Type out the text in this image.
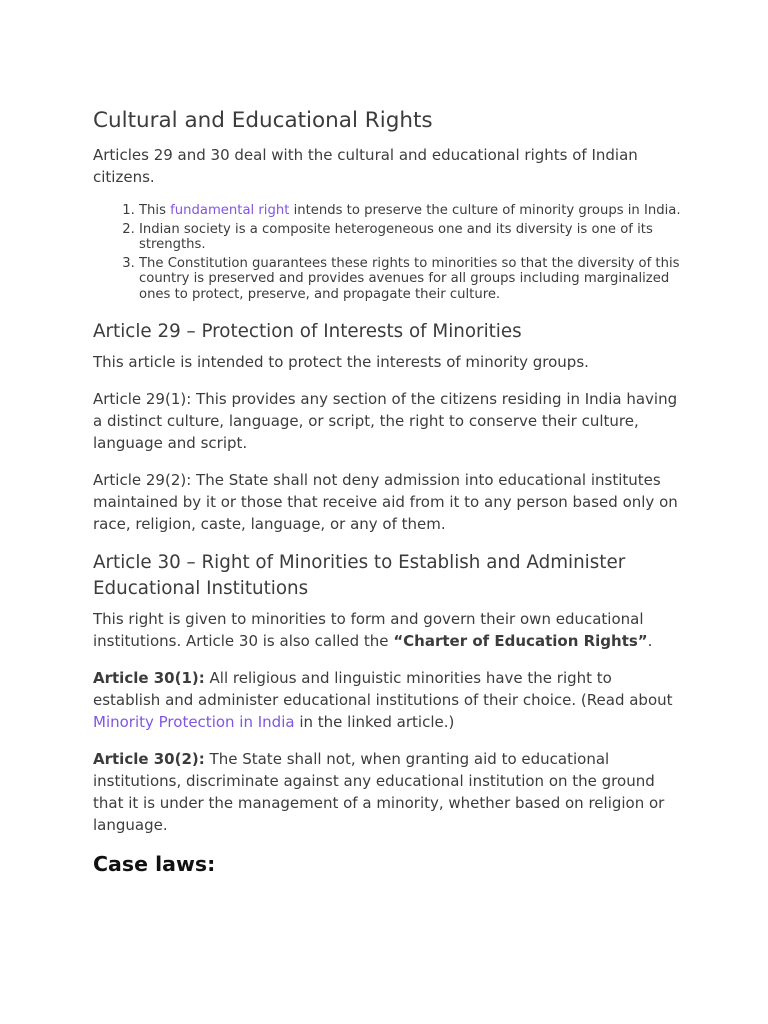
Cultural and Educational Rights

Articles 29 and 30 deal with the cultural and educational rights of Indian citizens.

1. This fundamental right intends to preserve the culture of minority groups in India.
2. Indian society is a composite heterogeneous one and its diversity is one of its strengths.
3. The Constitution guarantees these rights to minorities so that the diversity of this country is preserved and provides avenues for all groups including marginalized ones to protect, preserve, and propagate their culture.
Article 29 – Protection of Interests of Minorities

This article is intended to protect the interests of minority groups.

Article 29(1): This provides any section of the citizens residing in India having a distinct culture, language, or script, the right to conserve their culture, language and script.

Article 29(2): The State shall not deny admission into educational institutes maintained by it or those that receive aid from it to any person based only on race, religion, caste, language, or any of them.

Article 30 – Right of Minorities to Establish and Administer Educational Institutions

This right is given to minorities to form and govern their own educational institutions. Article 30 is also called the “Charter of Education Rights”.

Article 30(1): All religious and linguistic minorities have the right to establish and administer educational institutions of their choice. (Read about Minority Protection in India in the linked article.)

Article 30(2): The State shall not, when granting aid to educational institutions, discriminate against any educational institution on the ground that it is under the management of a minority, whether based on religion or language.

Case laws:
